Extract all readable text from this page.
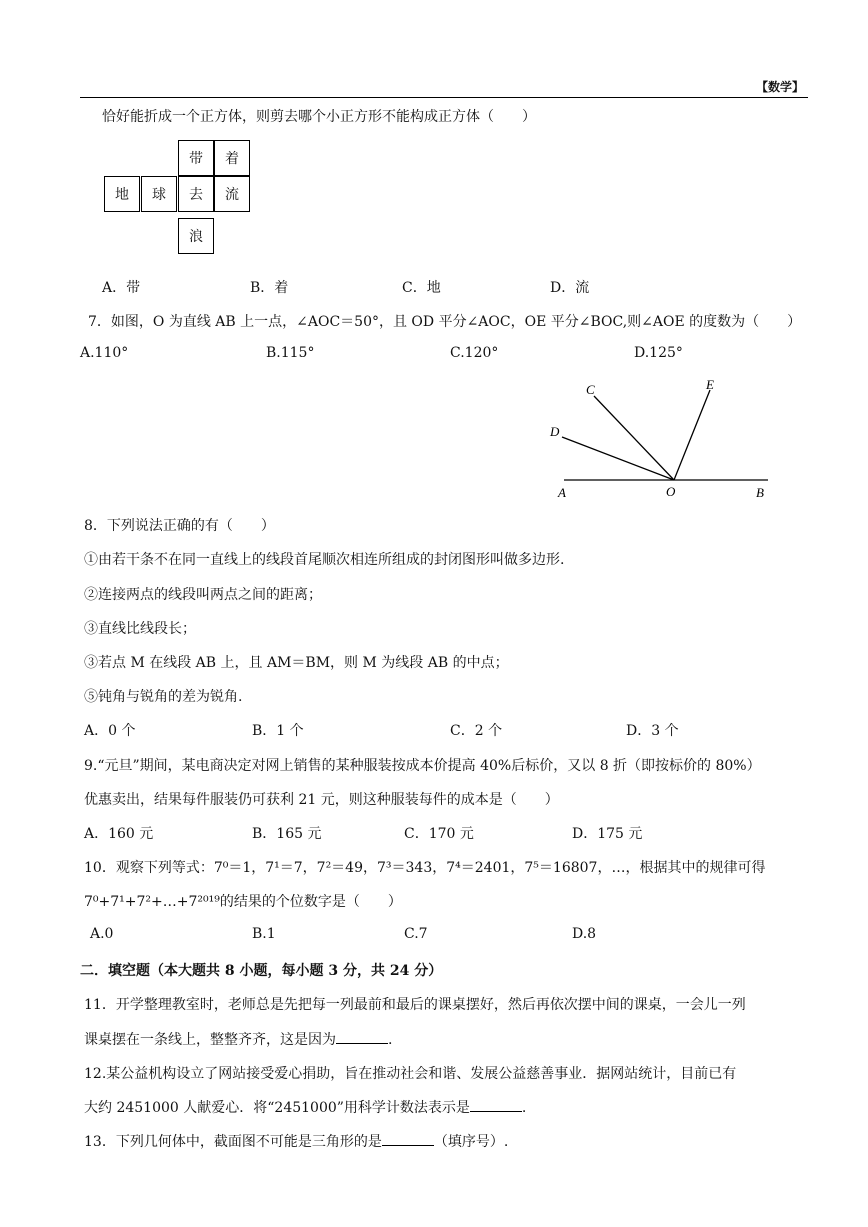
【数学】
恰好能折成一个正方体，则剪去哪个小正方形不能构成正方体（　　）
带	着
地	球	去	流
浪
A．带	B．着	C．地	D．流
7．如图，O 为直线 AB 上一点，∠AOC＝50°，且 OD 平分∠AOC，OE 平分∠BOC,则∠AOE 的度数为（　　）
A.110°	B.115°	C.120°	D.125°
C	E
D
A	O	B
8．下列说法正确的有（　　）
①由若干条不在同一直线上的线段首尾顺次相连所组成的封闭图形叫做多边形.
②连接两点的线段叫两点之间的距离；
③直线比线段长；
③若点 M 在线段 AB 上，且 AM＝BM，则 M 为线段 AB 的中点；
⑤钝角与锐角的差为锐角.
A．0 个	B．1 个	C．2 个	D．3 个
9.“元旦”期间，某电商决定对网上销售的某种服装按成本价提高 40%后标价，又以 8 折（即按标价的 80%）
优惠卖出，结果每件服装仍可获利 21 元，则这种服装每件的成本是（　　）
A．160 元	B．165 元	C．170 元	D．175 元
10．观察下列等式：7⁰＝1，7¹＝7，7²＝49，7³＝343，7⁴＝2401，7⁵＝16807，…，根据其中的规律可得
7⁰+7¹+7²+…+7²⁰¹⁹的结果的个位数字是（　　）
A.0	B.1	C.7	D.8
二．填空题（本大题共 8 小题，每小题 3 分，共 24 分）
11．开学整理教室时，老师总是先把每一列最前和最后的课桌摆好，然后再依次摆中间的课桌，一会儿一列
课桌摆在一条线上，整整齐齐，这是因为	.
12.某公益机构设立了网站接受爱心捐助，旨在推动社会和谐、发展公益慈善事业．据网站统计，目前已有
大约 2451000 人献爱心．将“2451000”用科学计数法表示是	.
13．下列几何体中，截面图不可能是三角形的是	（填序号）.
